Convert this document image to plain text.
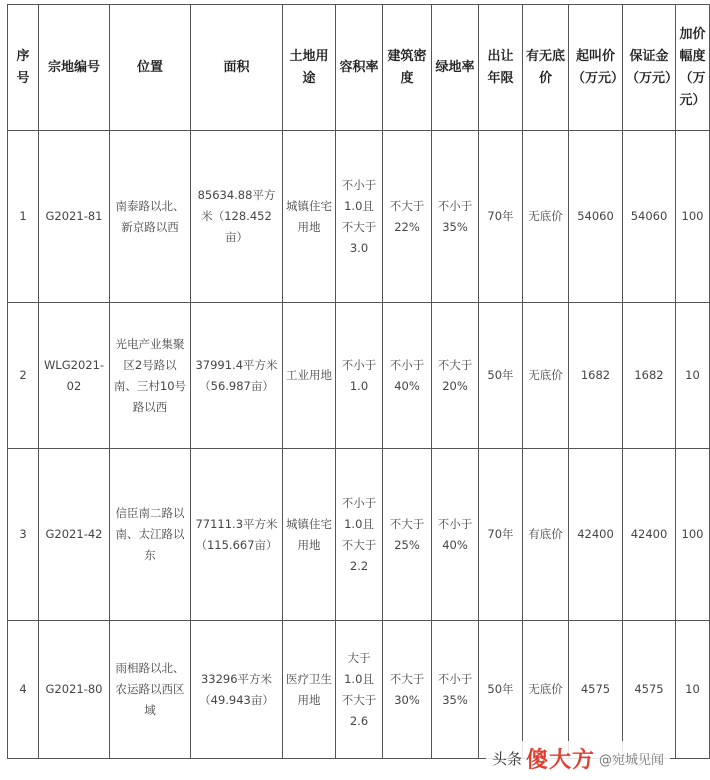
序号	宗地编号	位置	面积	土地用途	容积率	建筑密度	绿地率	出让年限	有无底价	起叫价（万元）	保证金（万元）	加价幅度（万元）
1	G2021-81	南泰路以北、新京路以西	85634.88平方米（128.452亩）	城镇住宅用地	不小于1.0且不大于3.0	不大于22%	不小于35%	70年	无底价	54060	54060	100
2	WLG2021-02	光电产业集聚区2号路以南、三村10号路以西	37991.4平方米（56.987亩）	工业用地	不小于1.0	不小于40%	不大于20%	50年	无底价	1682	1682	10
3	G2021-42	信臣南二路以南、太江路以东	77111.3平方米（115.667亩）	城镇住宅用地	不小于1.0且不大于2.2	不大于25%	不小于40%	70年	有底价	42400	42400	100
4	G2021-80	雨相路以北、农运路以西区域	33296平方米（49.943亩）	医疗卫生用地	大于1.0且不大于2.6	不大于30%	不小于35%	50年	无底价	4575	4575	10
头条 傻大方 @宛城见闻
